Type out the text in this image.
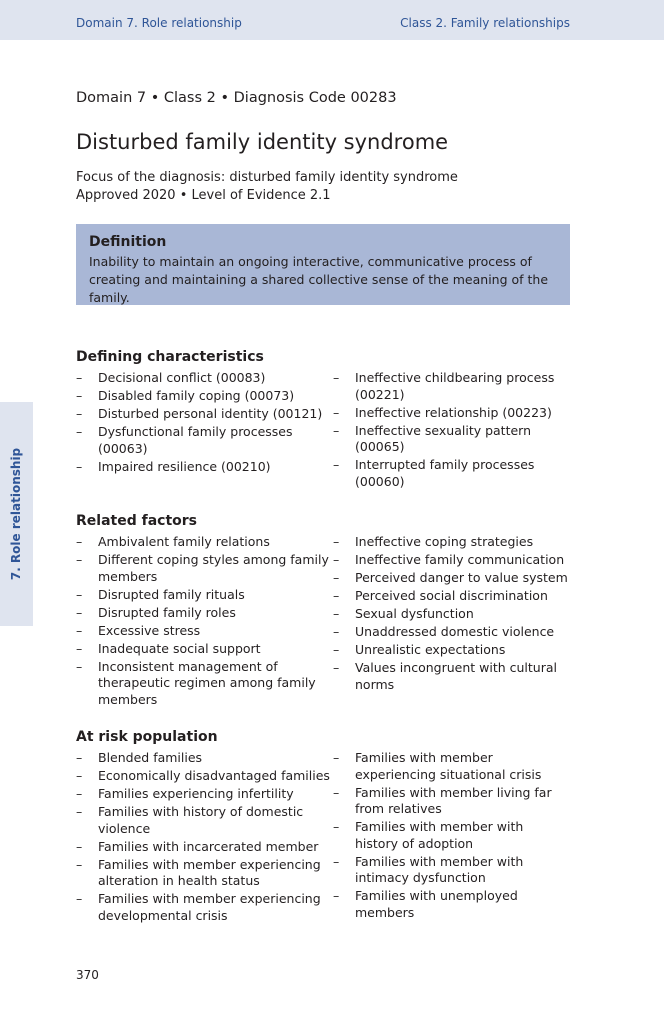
Domain 7. Role relationship	Class 2. Family relationships
7. Role relationship
Domain 7 • Class 2 • Diagnosis Code 00283
Disturbed family identity syndrome
Focus of the diagnosis: disturbed family identity syndrome
Approved 2020 • Level of Evidence 2.1
Definition
Inability to maintain an ongoing interactive, communicative process of creating and maintaining a shared collective sense of the meaning of the family.
Defining characteristics
– Decisional conflict (00083)
– Disabled family coping (00073)
– Disturbed personal identity (00121)
– Dysfunctional family processes (00063)
– Impaired resilience (00210)
– Ineffective childbearing process (00221)
– Ineffective relationship (00223)
– Ineffective sexuality pattern (00065)
– Interrupted family processes (00060)
Related factors
– Ambivalent family relations
– Different coping styles among family members
– Disrupted family rituals
– Disrupted family roles
– Excessive stress
– Inadequate social support
– Inconsistent management of therapeutic regimen among family members
– Ineffective coping strategies
– Ineffective family communication
– Perceived danger to value system
– Perceived social discrimination
– Sexual dysfunction
– Unaddressed domestic violence
– Unrealistic expectations
– Values incongruent with cultural norms
At risk population
– Blended families
– Economically disadvantaged families
– Families experiencing infertility
– Families with history of domestic violence
– Families with incarcerated member
– Families with member experiencing alteration in health status
– Families with member experiencing developmental crisis
– Families with member experiencing situational crisis
– Families with member living far from relatives
– Families with member with history of adoption
– Families with member with intimacy dysfunction
– Families with unemployed members
370
